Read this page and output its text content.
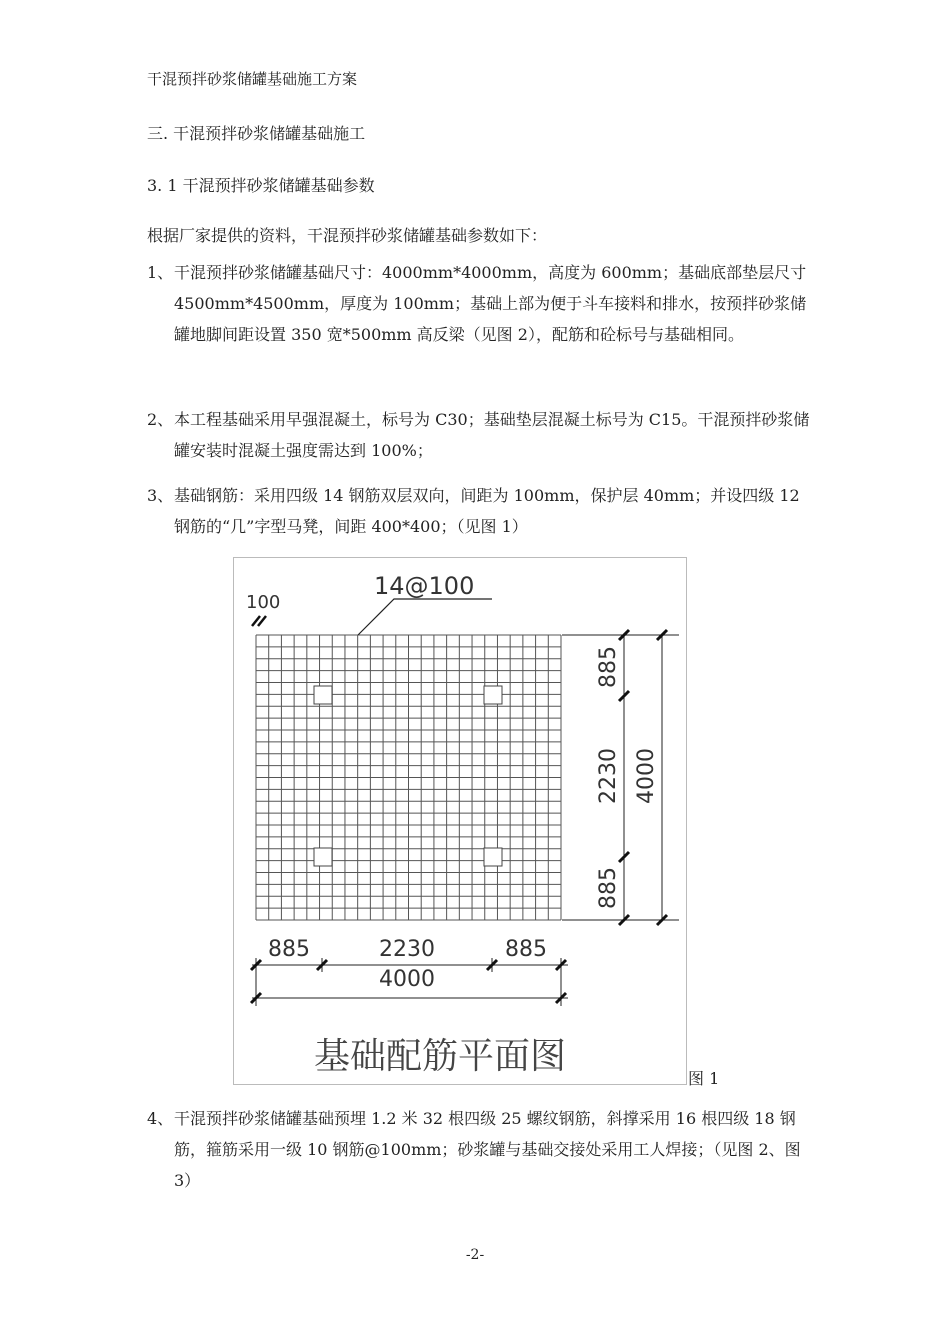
干混预拌砂浆储罐基础施工方案
三. 干混预拌砂浆储罐基础施工
3. 1 干混预拌砂浆储罐基础参数
根据厂家提供的资料，干混预拌砂浆储罐基础参数如下：
1、 干混预拌砂浆储罐基础尺寸：4000mm*4000mm，高度为 600mm；基础底部垫层尺寸 4500mm*4500mm，厚度为 100mm；基础上部为便于斗车接料和排水，按预拌砂浆储罐地脚间距设置 350 宽*500mm 高反梁（见图 2），配筋和砼标号与基础相同。
2、 本工程基础采用早强混凝土，标号为 C30；基础垫层混凝土标号为 C15。干混预拌砂浆储罐安装时混凝土强度需达到 100%；
3、 基础钢筋：采用四级 14 钢筋双层双向，间距为 100mm，保护层 40mm；并设四级 12 钢筋的“几”字型马凳，间距 400*400；（见图 1）
14@100
100
885
2230
885
4000
885	2230	885
4000
基础配筋平面图
图 1
4、 干混预拌砂浆储罐基础预埋 1.2 米 32 根四级 25 螺纹钢筋，斜撑采用 16 根四级 18 钢筋，箍筋采用一级 10 钢筋@100mm；砂浆罐与基础交接处采用工人焊接；（见图 2、图 3）
-2-
